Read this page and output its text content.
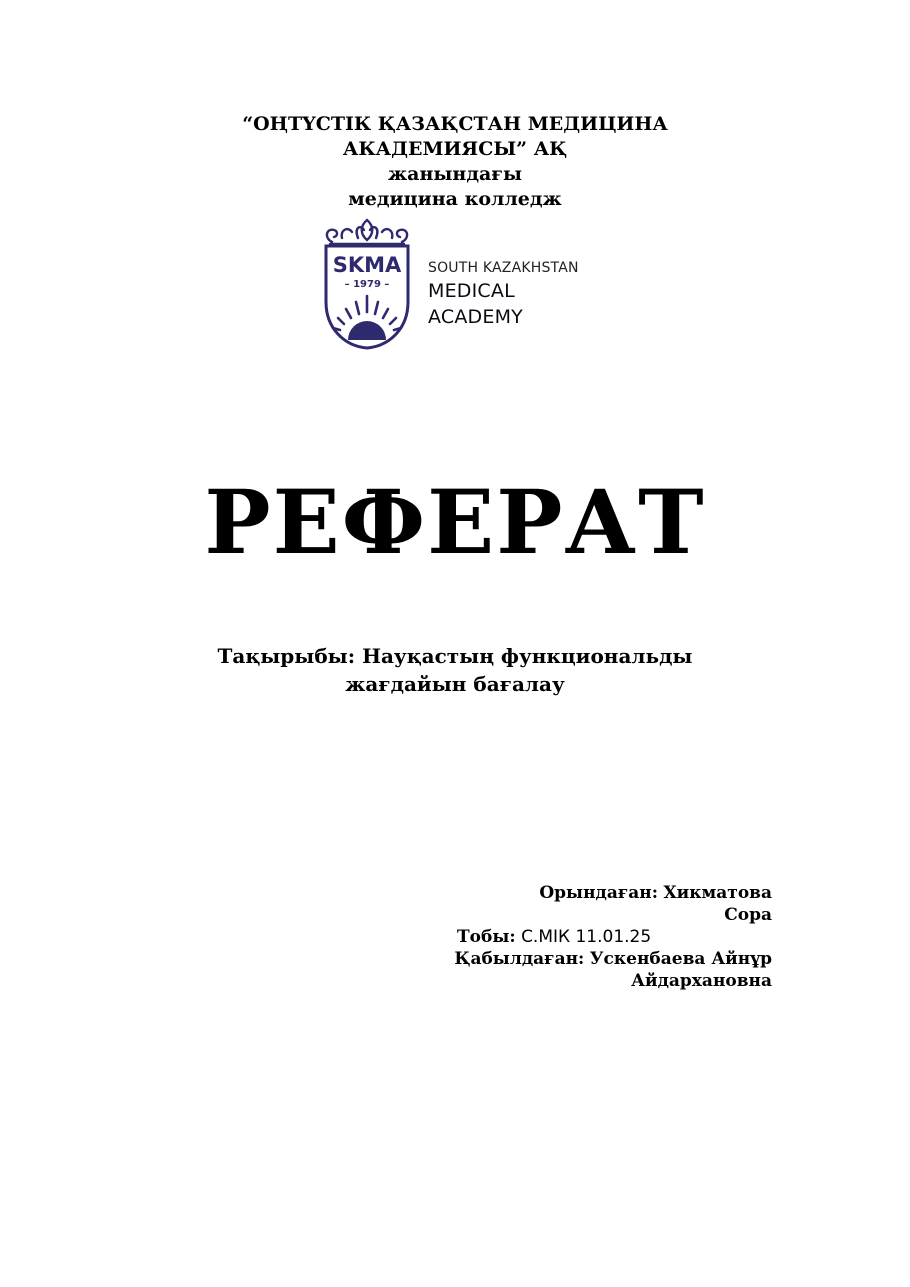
“ОҢТҮСТІК ҚАЗАҚСТАН МЕДИЦИНА
АКАДЕМИЯСЫ” АҚ
жанындағы
медицина колледж
SKMA
– 1979 –
SOUTH KAZAKHSTAN
MEDICAL
ACADEMY
РЕФЕРАТ
Тақырыбы: Науқастың функциональды
жағдайын бағалау
Орындаған: Хикматова
Сора
Тобы: С.МІК 11.01.25
Қабылдаған: Ускенбаева Айнұр
Айдархановна
